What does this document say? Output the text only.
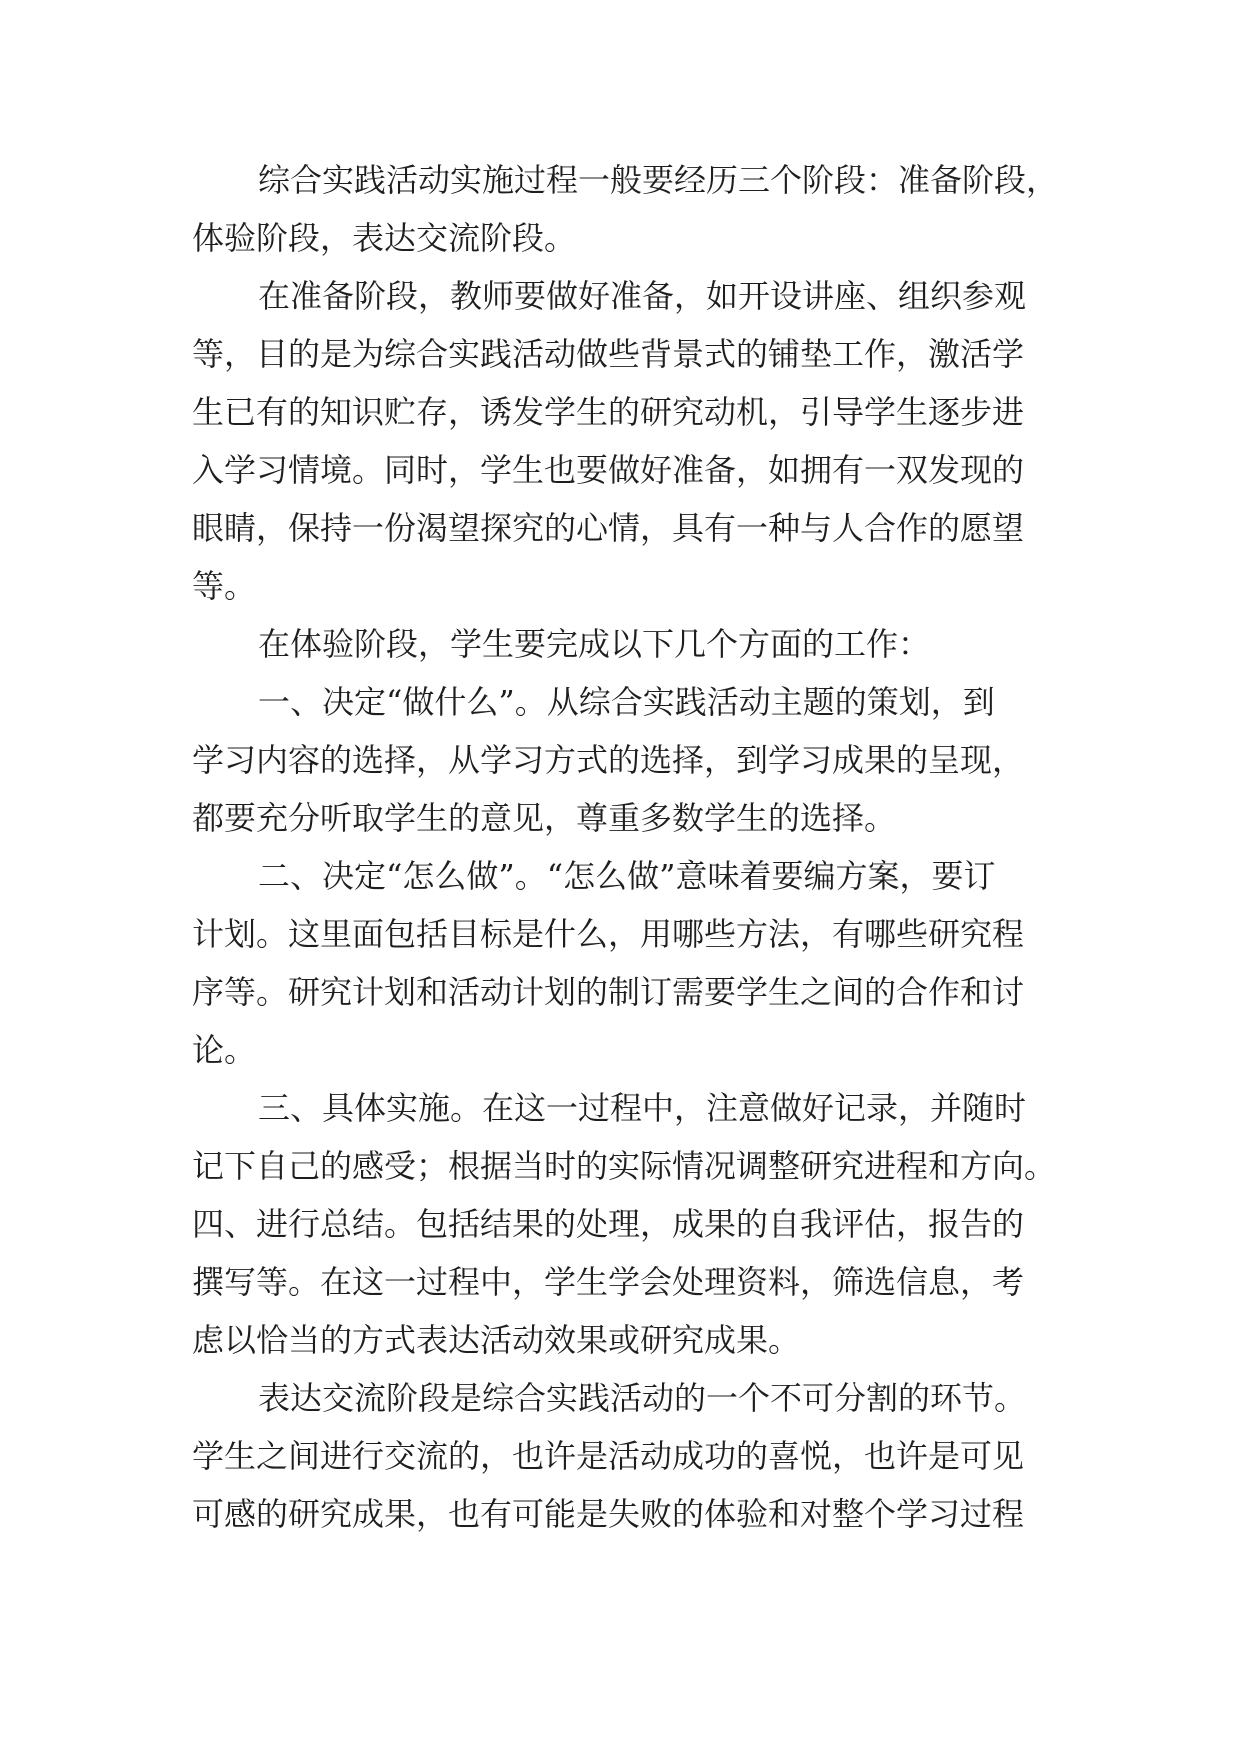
综合实践活动实施过程一般要经历三个阶段：准备阶段，
体验阶段，表达交流阶段。
在准备阶段，教师要做好准备，如开设讲座、组织参观
等，目的是为综合实践活动做些背景式的铺垫工作，激活学
生已有的知识贮存，诱发学生的研究动机，引导学生逐步进
入学习情境。同时，学生也要做好准备，如拥有一双发现的
眼睛，保持一份渴望探究的心情，具有一种与人合作的愿望
等。
在体验阶段，学生要完成以下几个方面的工作：
一、决定“做什么”。从综合实践活动主题的策划，到
学习内容的选择，从学习方式的选择，到学习成果的呈现，
都要充分听取学生的意见，尊重多数学生的选择。
二、决定“怎么做”。“怎么做”意味着要编方案，要订
计划。这里面包括目标是什么，用哪些方法，有哪些研究程
序等。研究计划和活动计划的制订需要学生之间的合作和讨
论。
三、具体实施。在这一过程中，注意做好记录，并随时
记下自己的感受；根据当时的实际情况调整研究进程和方向。
四、进行总结。包括结果的处理，成果的自我评估，报告的
撰写等。在这一过程中，学生学会处理资料，筛选信息，考
虑以恰当的方式表达活动效果或研究成果。
表达交流阶段是综合实践活动的一个不可分割的环节。
学生之间进行交流的，也许是活动成功的喜悦，也许是可见
可感的研究成果，也有可能是失败的体验和对整个学习过程
